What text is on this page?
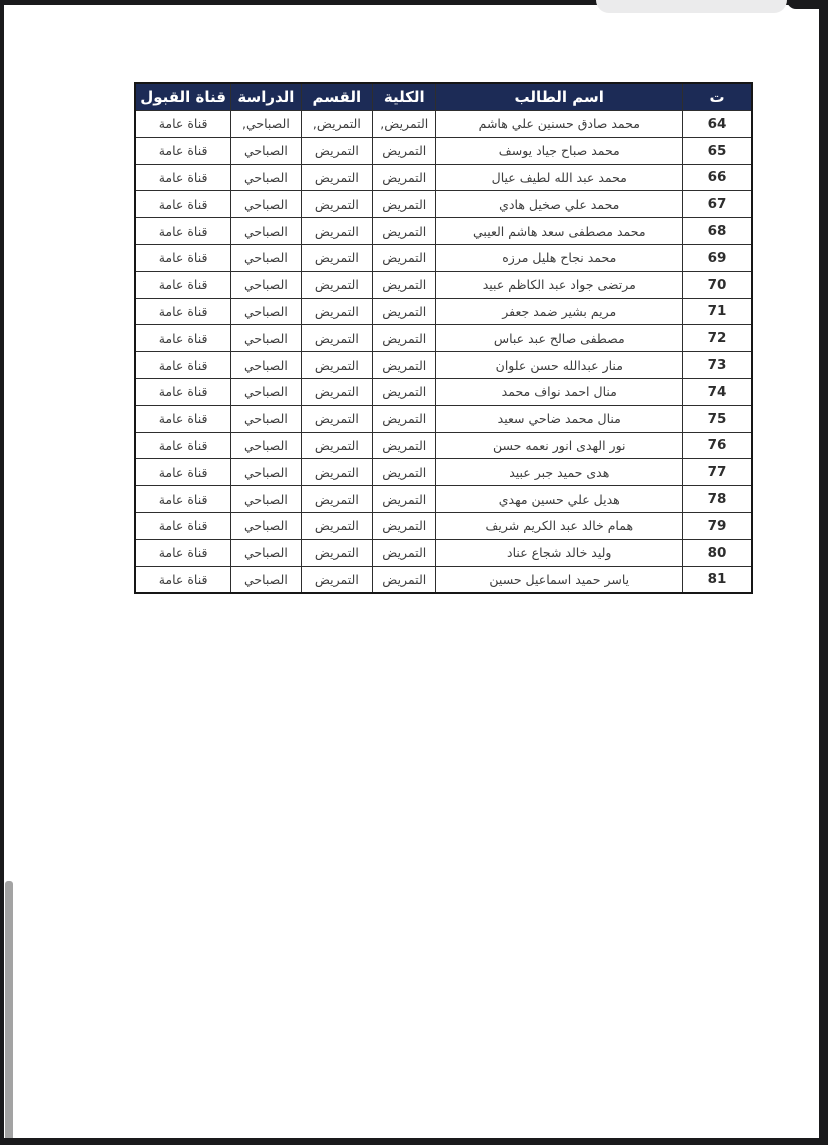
ت	اسم الطالب	الكلية	القسم	الدراسة	قناة القبول
64	محمد صادق حسنين علي هاشم	التمريض,	التمريض,	الصباحي,	قناة عامة
65	محمد صباح جياد يوسف	التمريض	التمريض	الصباحي	قناة عامة
66	محمد عبد الله لطيف عيال	التمريض	التمريض	الصباحي	قناة عامة
67	محمد علي صخيل هادي	التمريض	التمريض	الصباحي	قناة عامة
68	محمد مصطفى سعد هاشم العيبي	التمريض	التمريض	الصباحي	قناة عامة
69	محمد نجاح هليل مرزه	التمريض	التمريض	الصباحي	قناة عامة
70	مرتضى جواد عبد الكاظم عبيد	التمريض	التمريض	الصباحي	قناة عامة
71	مريم بشير ضمد جعفر	التمريض	التمريض	الصباحي	قناة عامة
72	مصطفى صالح عبد عباس	التمريض	التمريض	الصباحي	قناة عامة
73	منار عبدالله حسن علوان	التمريض	التمريض	الصباحي	قناة عامة
74	منال احمد نواف محمد	التمريض	التمريض	الصباحي	قناة عامة
75	منال محمد ضاحي سعيد	التمريض	التمريض	الصباحي	قناة عامة
76	نور الهدى انور نعمه حسن	التمريض	التمريض	الصباحي	قناة عامة
77	هدى حميد جبر عبيد	التمريض	التمريض	الصباحي	قناة عامة
78	هديل علي حسين مهدي	التمريض	التمريض	الصباحي	قناة عامة
79	همام خالد عبد الكريم شريف	التمريض	التمريض	الصباحي	قناة عامة
80	وليد خالد شجاع عناد	التمريض	التمريض	الصباحي	قناة عامة
81	ياسر حميد اسماعيل حسين	التمريض	التمريض	الصباحي	قناة عامة
